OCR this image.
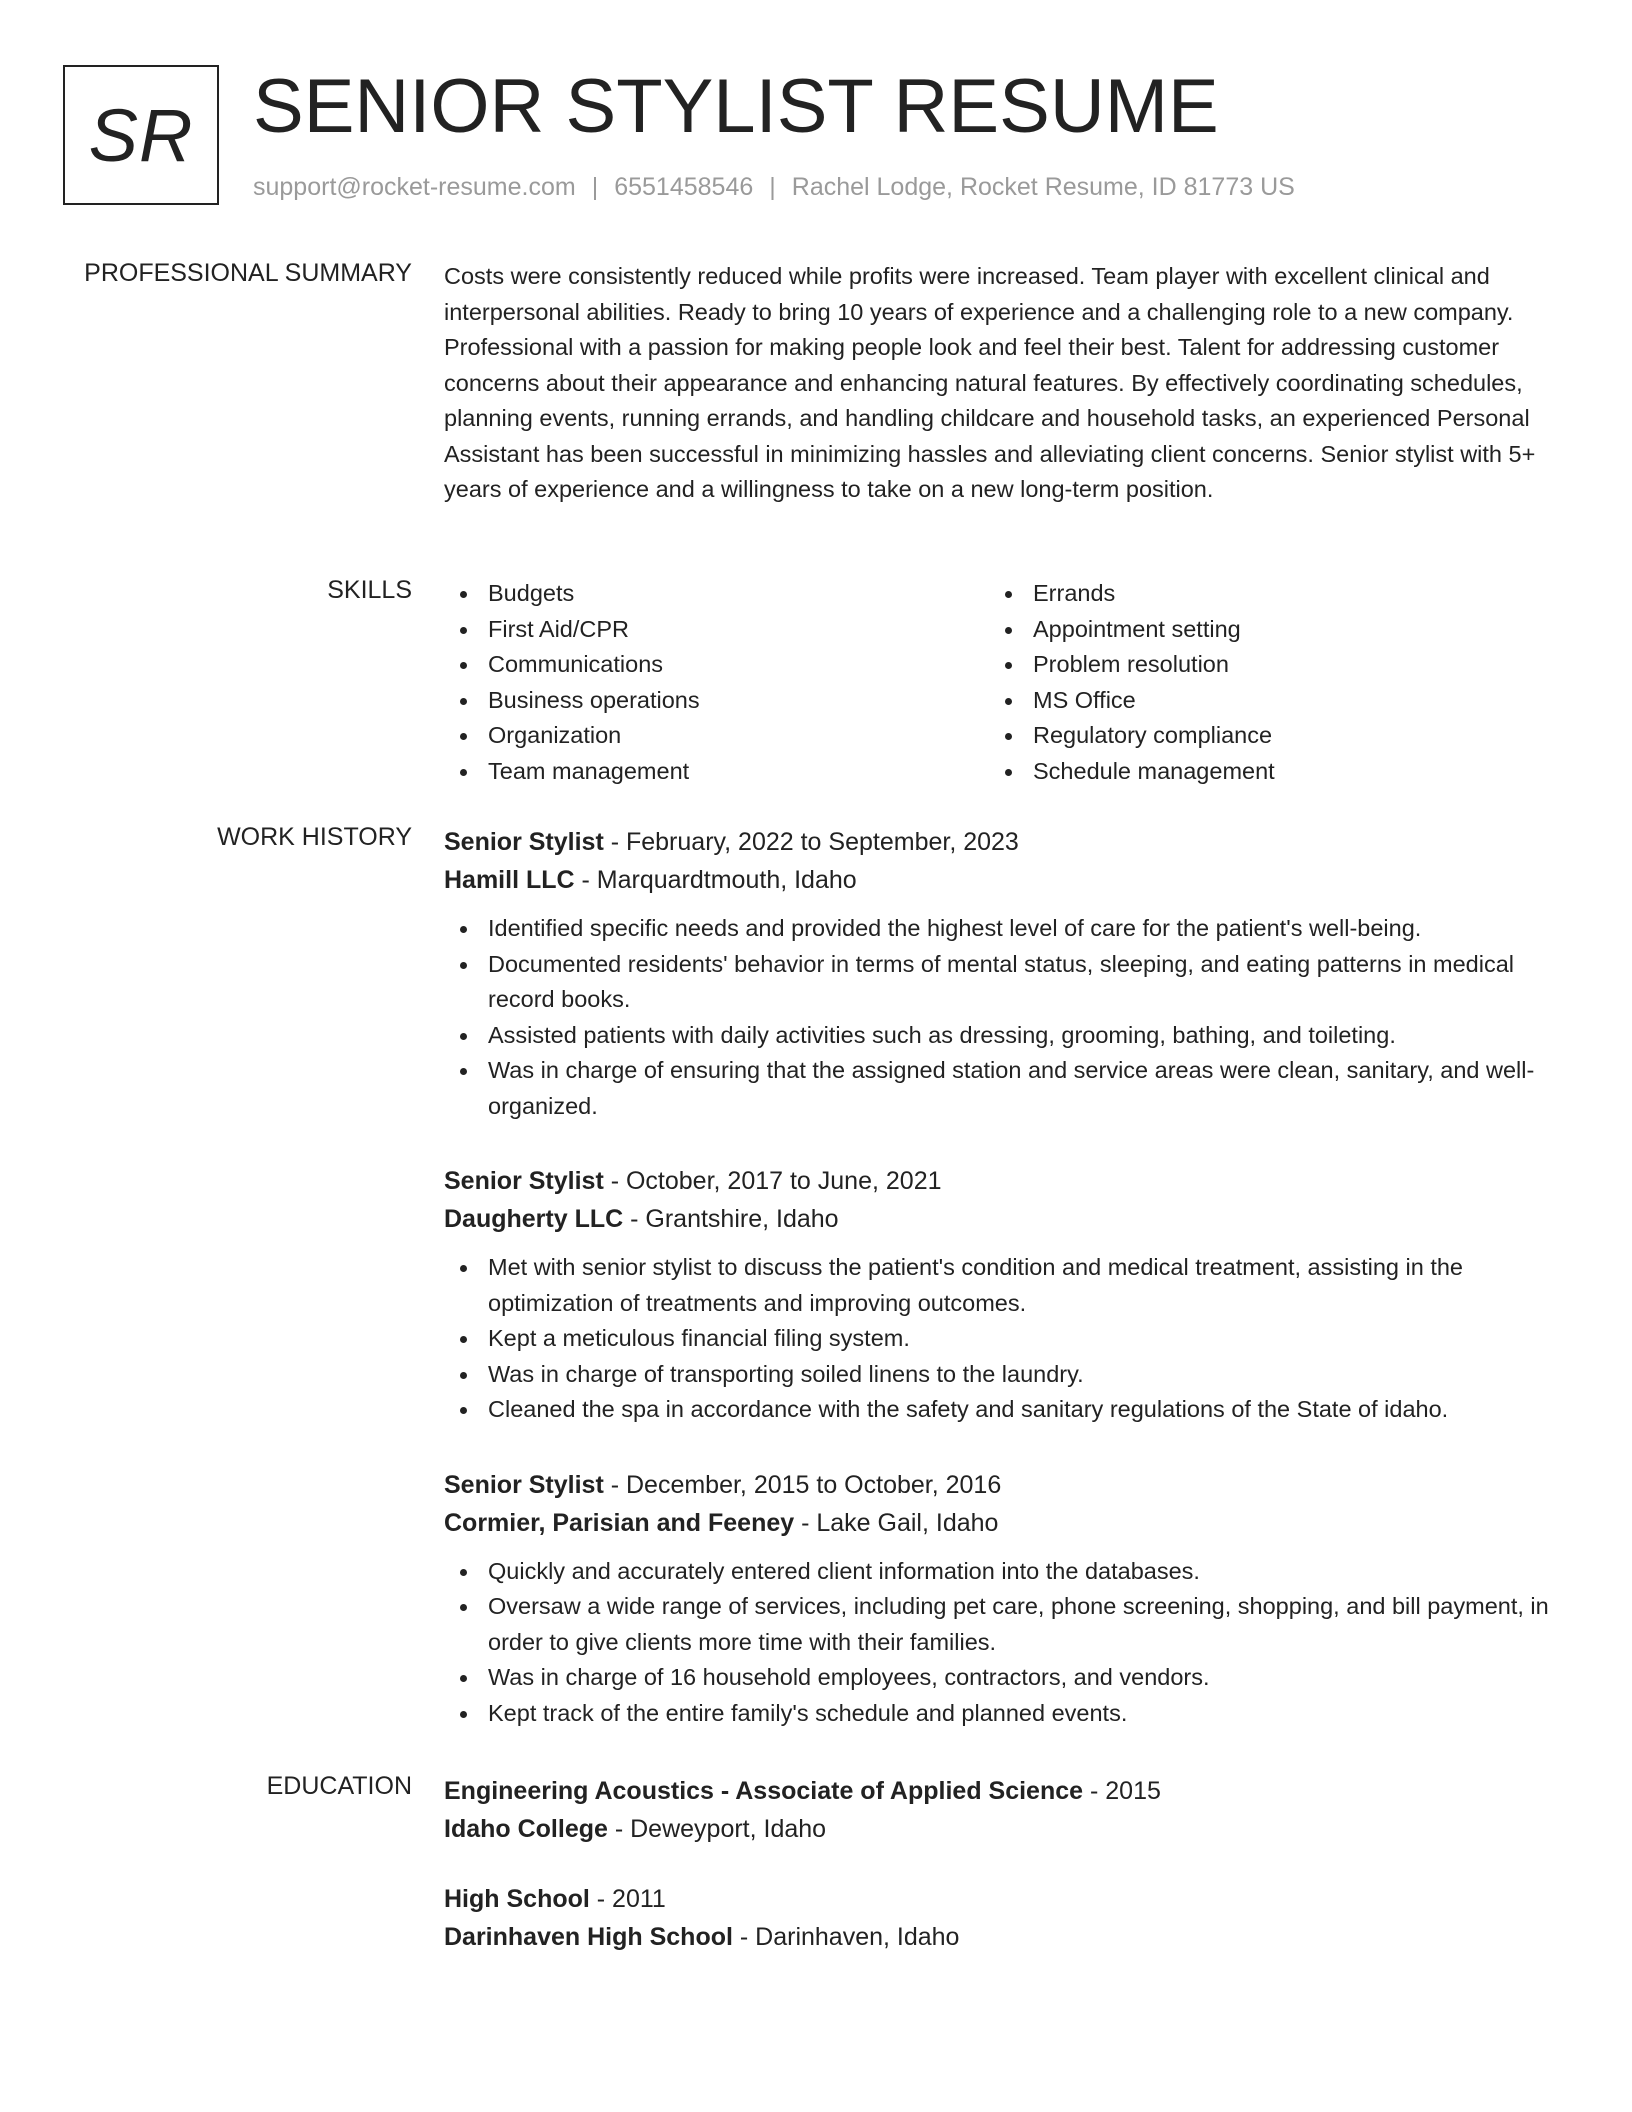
SR SENIOR STYLIST RESUME
support@rocket-resume.com | 6551458546 | Rachel Lodge, Rocket Resume, ID 81773 US
PROFESSIONAL SUMMARY Costs were consistently reduced while profits were increased. Team player with excellent clinical and interpersonal abilities. Ready to bring 10 years of experience and a challenging role to a new company. Professional with a passion for making people look and feel their best. Talent for addressing customer concerns about their appearance and enhancing natural features. By effectively coordinating schedules, planning events, running errands, and handling childcare and household tasks, an experienced Personal Assistant has been successful in minimizing hassles and alleviating client concerns. Senior stylist with 5+ years of experience and a willingness to take on a new long-term position.

SKILLS	Budgets
First Aid/CPR
Communications
Business operations
Organization
Team management
Errands
Appointment setting
Problem resolution
MS Office
Regulatory compliance
Schedule management
WORK HISTORY Senior Stylist - February, 2022 to September, 2023
Hamill LLC - Marquardtmouth, Idaho
Identified specific needs and provided the highest level of care for the patient's well-being.
Documented residents' behavior in terms of mental status, sleeping, and eating patterns in medical record books.
Assisted patients with daily activities such as dressing, grooming, bathing, and toileting.
Was in charge of ensuring that the assigned station and service areas were clean, sanitary, and well-organized.
Senior Stylist - October, 2017 to June, 2021
Daugherty LLC - Grantshire, Idaho
Met with senior stylist to discuss the patient's condition and medical treatment, assisting in the optimization of treatments and improving outcomes.
Kept a meticulous financial filing system.
Was in charge of transporting soiled linens to the laundry.
Cleaned the spa in accordance with the safety and sanitary regulations of the State of idaho.
Senior Stylist - December, 2015 to October, 2016
Cormier, Parisian and Feeney - Lake Gail, Idaho
Quickly and accurately entered client information into the databases.
Oversaw a wide range of services, including pet care, phone screening, shopping, and bill payment, in order to give clients more time with their families.
Was in charge of 16 household employees, contractors, and vendors.
Kept track of the entire family's schedule and planned events.
EDUCATION Engineering Acoustics - Associate of Applied Science - 2015
Idaho College - Deweyport, Idaho
High School - 2011
Darinhaven High School - Darinhaven, Idaho
